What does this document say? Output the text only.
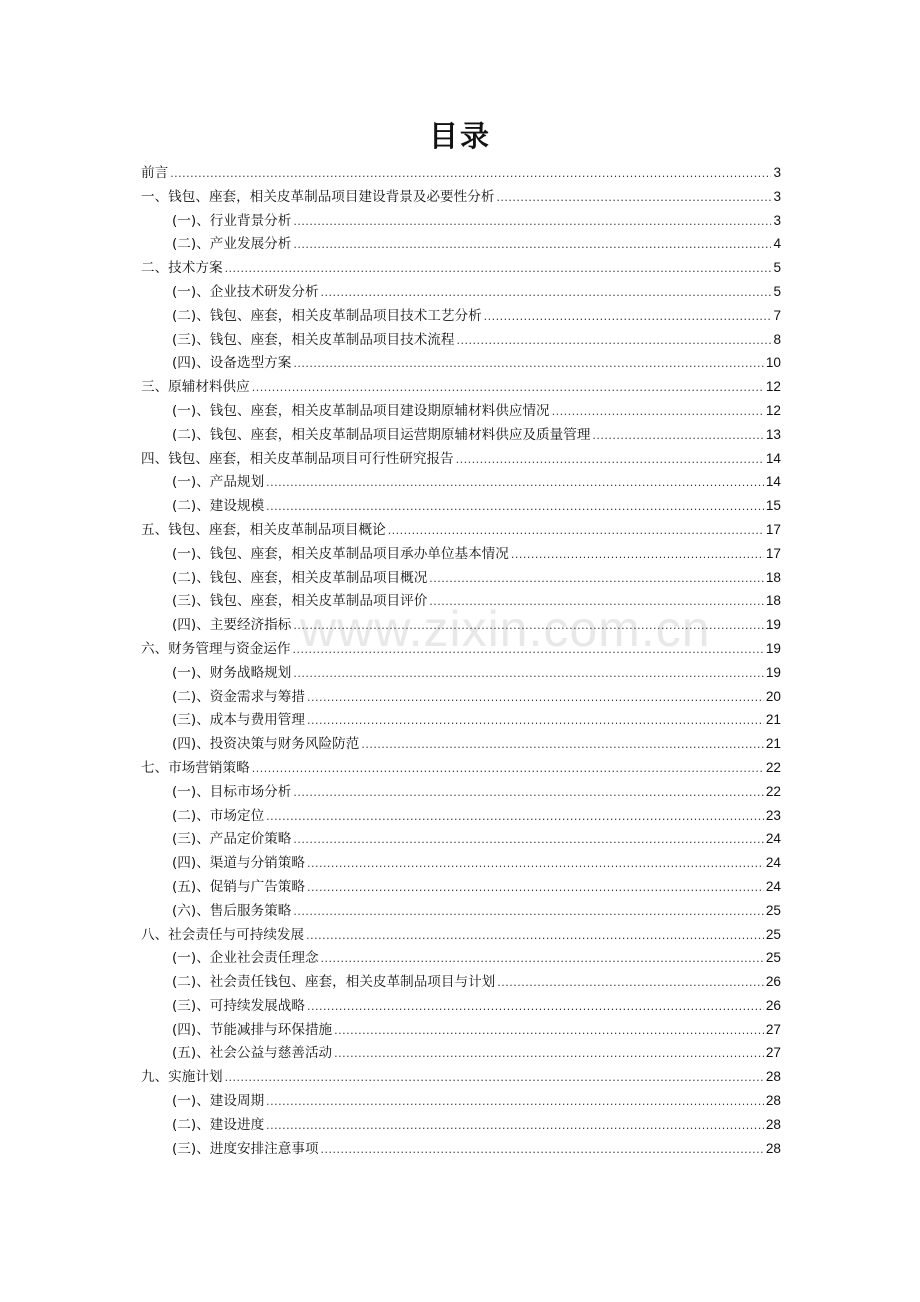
目录
www.zixin.com.cn
前言 .....	3
一、钱包、座套，相关皮革制品项目建设背景及必要性分析 .....	3
(一)、行业背景分析 .....	3
(二)、产业发展分析 .....	4
二、技术方案 .....	5
(一)、企业技术研发分析 .....	5
(二)、钱包、座套，相关皮革制品项目技术工艺分析 .....	7
(三)、钱包、座套，相关皮革制品项目技术流程 .....	8
(四)、设备选型方案 .....	10
三、原辅材料供应 .....	12
(一)、钱包、座套，相关皮革制品项目建设期原辅材料供应情况 .....	12
(二)、钱包、座套，相关皮革制品项目运营期原辅材料供应及质量管理 .....	13
四、钱包、座套，相关皮革制品项目可行性研究报告 .....	14
(一)、产品规划 .....	14
(二)、建设规模 .....	15
五、钱包、座套，相关皮革制品项目概论 .....	17
(一)、钱包、座套，相关皮革制品项目承办单位基本情况 .....	17
(二)、钱包、座套，相关皮革制品项目概况 .....	18
(三)、钱包、座套，相关皮革制品项目评价 .....	18
(四)、主要经济指标 .....	19
六、财务管理与资金运作 .....	19
(一)、财务战略规划 .....	19
(二)、资金需求与筹措 .....	20
(三)、成本与费用管理 .....	21
(四)、投资决策与财务风险防范 .....	21
七、市场营销策略 .....	22
(一)、目标市场分析 .....	22
(二)、市场定位 .....	23
(三)、产品定价策略 .....	24
(四)、渠道与分销策略 .....	24
(五)、促销与广告策略 .....	24
(六)、售后服务策略 .....	25
八、社会责任与可持续发展 .....	25
(一)、企业社会责任理念 .....	25
(二)、社会责任钱包、座套，相关皮革制品项目与计划 .....	26
(三)、可持续发展战略 .....	26
(四)、节能减排与环保措施 .....	27
(五)、社会公益与慈善活动 .....	27
九、实施计划 .....	28
(一)、建设周期 .....	28
(二)、建设进度 .....	28
(三)、进度安排注意事项 .....	28
